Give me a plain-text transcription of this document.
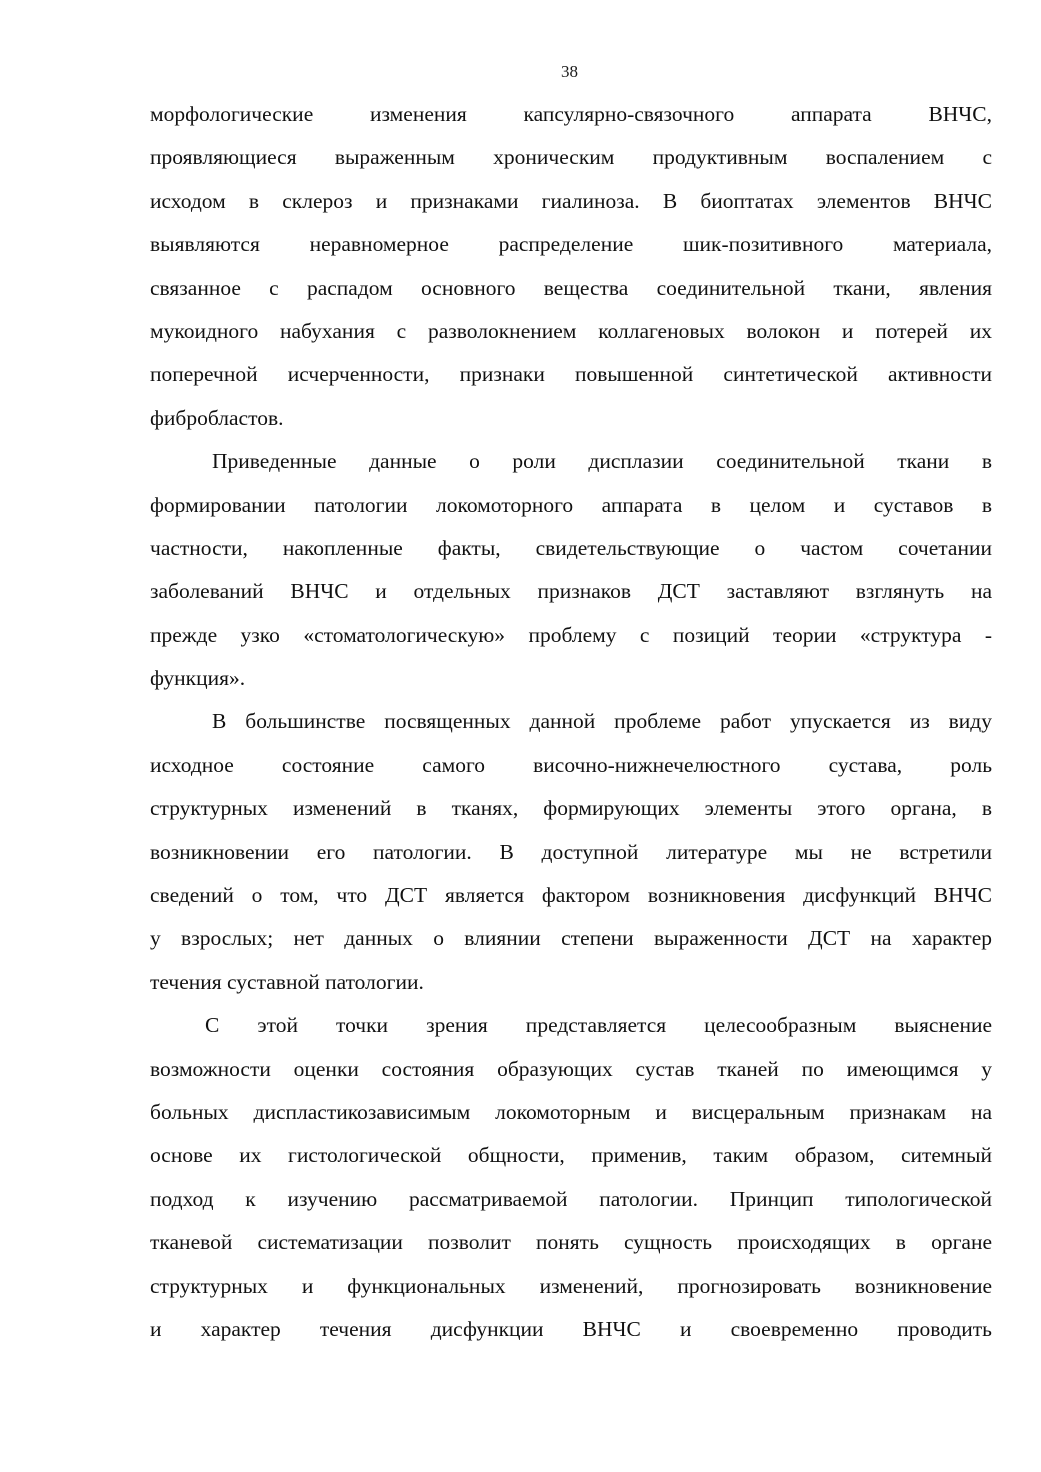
38
морфологические изменения капсулярно-связочного аппарата ВНЧС,
проявляющиеся выраженным хроническим продуктивным воспалением с
исходом в склероз и признаками гиалиноза. В биоптатах элементов ВНЧС
выявляются неравномерное распределение шик-позитивного материала,
связанное с распадом основного вещества соединительной ткани, явления
мукоидного набухания с разволокнением коллагеновых волокон и потерей их
поперечной исчерченности, признаки повышенной синтетической активности
фибробластов.
Приведенные данные о роли дисплазии соединительной ткани в
формировании патологии локомоторного аппарата в целом и суставов в
частности, накопленные факты, свидетельствующие о частом сочетании
заболеваний ВНЧС и отдельных признаков ДСТ заставляют взглянуть на
прежде узко «стоматологическую» проблему с позиций теории «структура -
функция».
В большинстве посвященных данной проблеме работ упускается из виду
исходное состояние самого височно-нижнечелюстного сустава, роль
структурных изменений в тканях, формирующих элементы этого органа, в
возникновении его патологии. В доступной литературе мы не встретили
сведений о том, что ДСТ является фактором возникновения дисфункций ВНЧС
у взрослых; нет данных о влиянии степени выраженности ДСТ на характер
течения суставной патологии.
С этой точки зрения представляется целесообразным выяснение
возможности оценки состояния образующих сустав тканей по имеющимся у
больных диспластикозависимым локомоторным и висцеральным признакам на
основе их гистологической общности, применив, таким образом, ситемный
подход к изучению рассматриваемой патологии. Принцип типологической
тканевой систематизации позволит понять сущность происходящих в органе
структурных и функциональных изменений, прогнозировать возникновение
и характер течения дисфункции ВНЧС и своевременно проводить
